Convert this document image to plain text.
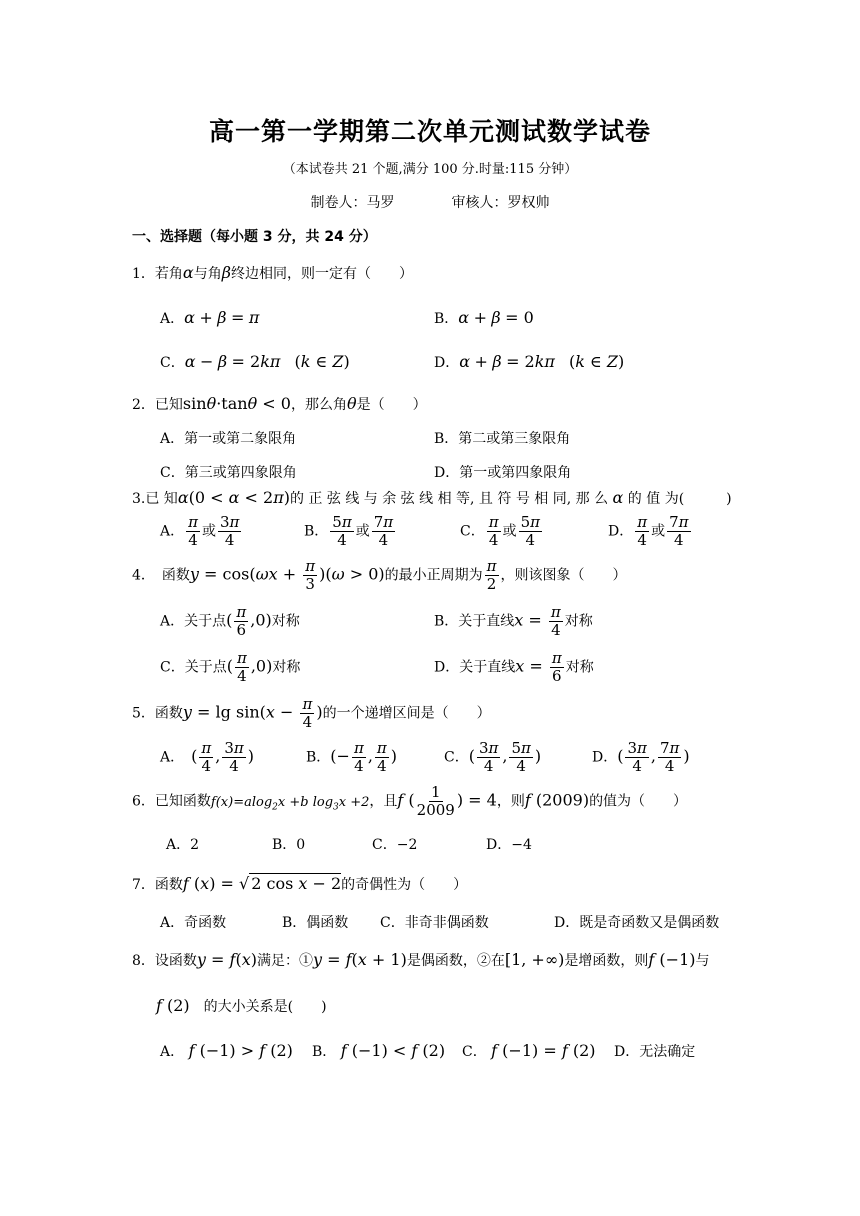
高一第一学期第二次单元测试数学试卷
（本试卷共 21 个题,满分 100 分.时量:115 分钟）
制卷人：马罗	审核人：罗权帅
一、选择题（每小题 3 分，共 24 分）
1．若角α与角β终边相同，则一定有（　　）
A．α + β = π	B．α + β = 0
C．α − β = 2kπ　 (k ∈ Z)	D．α + β = 2kπ　 (k ∈ Z)
2．已知sinθ·tanθ < 0，那么角θ是（　　）
A．第一或第二象限角	B．第二或第三象限角
C．第三或第四象限角	D．第一或第四象限角
3.已 知α(0 < α < 2π)的 正 弦 线 与 余 弦 线 相 等, 且 符 号 相 同, 那 么 α 的 值 为(　　　)
A． $\frac{\pi}{4}$ 或 $\frac{3\pi}{4}$	B． $\frac{5\pi}{4}$ 或 $\frac{7\pi}{4}$	C． $\frac{\pi}{4}$ 或 $\frac{5\pi}{4}$	D． $\frac{\pi}{4}$ 或 $\frac{7\pi}{4}$
4．　函数$y = \cos(\omega x + \frac{\pi}{3} )(\omega > 0)$的最小正周期为 $\frac{\pi}{2}$ ，则该图象（　　）
A．关于点( $\frac{\pi}{6} ,0$)对称	B．关于直线$x = \frac{\pi}{4}$ 对称
C．关于点( $\frac{\pi}{4} ,0$)对称	D．关于直线$x = \frac{\pi}{6}$ 对称
5．函数$y = \lg \sin(x - \frac{\pi}{4}$ )的一个递增区间是（　　）
A．　 ( $\frac{\pi}{4}$ , $\frac{3\pi}{4}$ )	B．(− $\frac{\pi}{4}$ , $\frac{\pi}{4}$ )	C．( $\frac{3\pi}{4}$ , $\frac{5\pi}{4}$ )	D．( $\frac{3\pi}{4}$ , $\frac{7\pi}{4}$ )
6．已知函数f(x)=alog$_2$x +b $\log_3x +2$，且f ( $\frac{1}{2009}$ ) = 4，则f (2009)的值为（　　）
A．2	B．0	C．−2	D．−4
7．函数f (x) = √ 2 cos x − 2的奇偶性为（　　）
A．奇函数	B．偶函数 C．非奇非偶函数	D．既是奇函数又是偶函数
8．设函数y = f(x)满足：①y = f(x + 1)是偶函数，②在[1, +∞)是增函数，则f (−1)与
f (2)　 的大小关系是(　　)
A． f (−1) > f (2) B． f (−1) < f (2) C． f (−1) = f (2) D．无法确定
